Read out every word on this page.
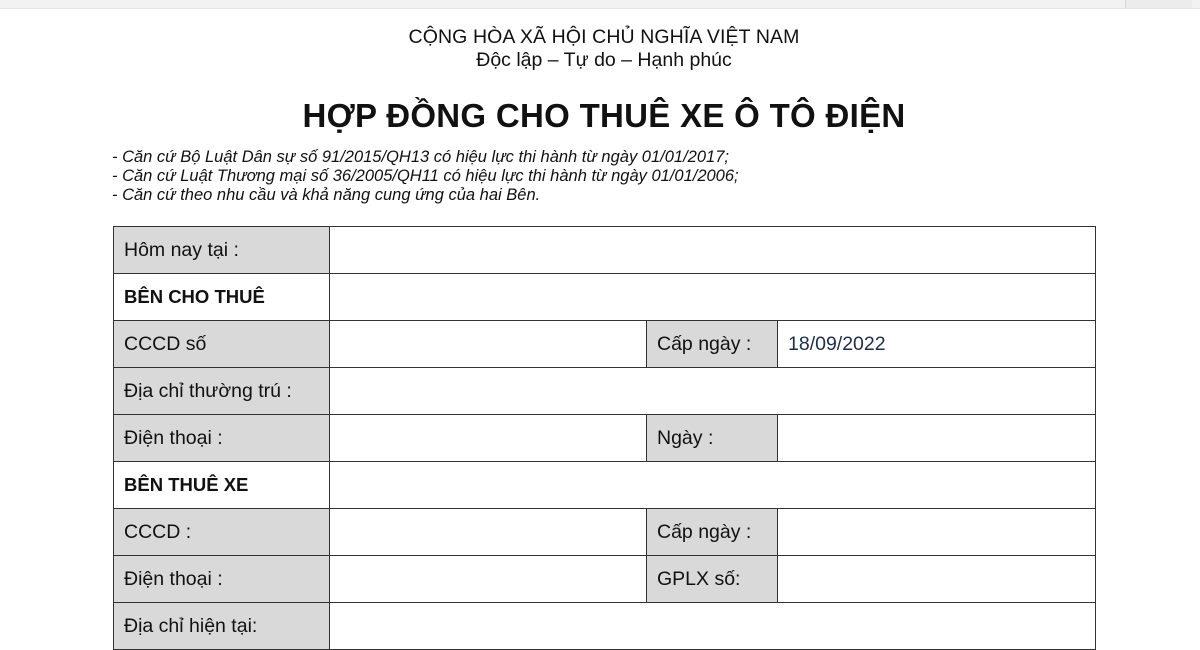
CỘNG HÒA XÃ HỘI CHỦ NGHĨA VIỆT NAM
Độc lập – Tự do – Hạnh phúc
HỢP ĐỒNG CHO THUÊ XE Ô TÔ ĐIỆN
- Căn cứ Bộ Luật Dân sự số 91/2015/QH13 có hiệu lực thi hành từ ngày 01/01/2017;
- Căn cứ Luật Thương mại số 36/2005/QH11 có hiệu lực thi hành từ ngày 01/01/2006;
- Căn cứ theo nhu cầu và khả năng cung ứng của hai Bên.
Hôm nay tại :			
BÊN CHO THUÊ			
CCCD số		Cấp ngày :	18/09/2022
Địa chỉ thường trú :			
Điện thoại :		Ngày :	
BÊN THUÊ XE			
CCCD :		Cấp ngày :	
Điện thoại :		GPLX số:	
Địa chỉ hiện tại:			
